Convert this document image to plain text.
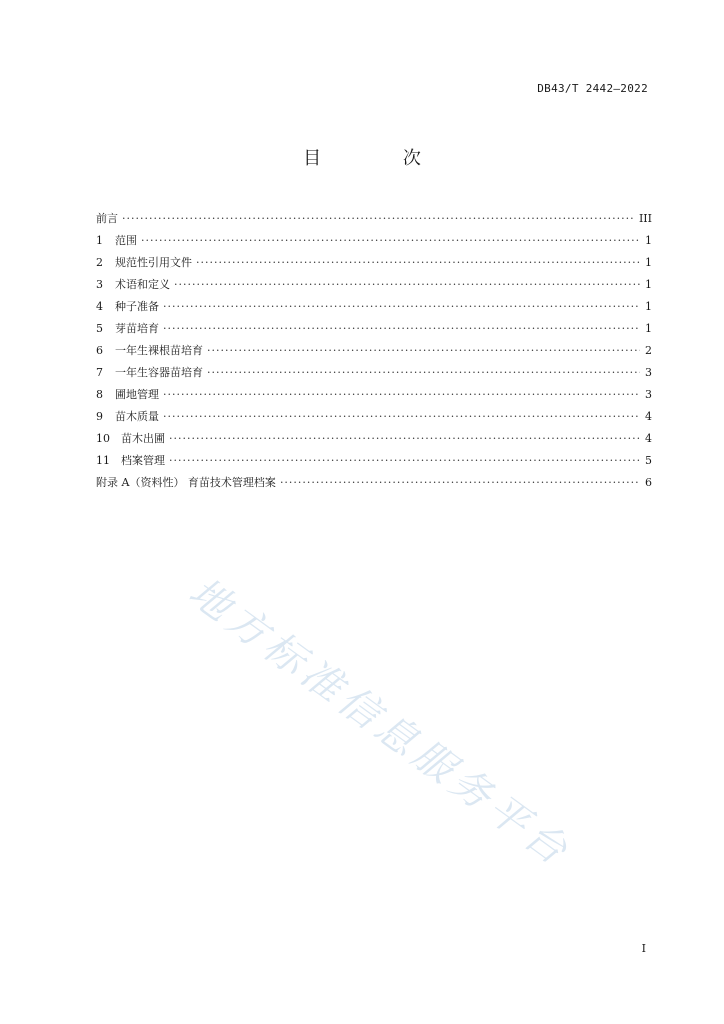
DB43/T 2442—2022
目 次
前言 ·····	III
1	范围 ·····	1
2	规范性引用文件 ·····	1
3	术语和定义 ·····	1
4	种子准备 ·····	1
5	芽苗培育 ·····	1
6	一年生裸根苗培育 ·····	2
7	一年生容器苗培育 ·····	3
8	圃地管理 ·····	3
9	苗木质量 ·····	4
10	苗木出圃 ·····	4
11	档案管理 ·····	5
附录 A（资料性） 育苗技术管理档案 ·····	6
地方标准信息服务平台
I
